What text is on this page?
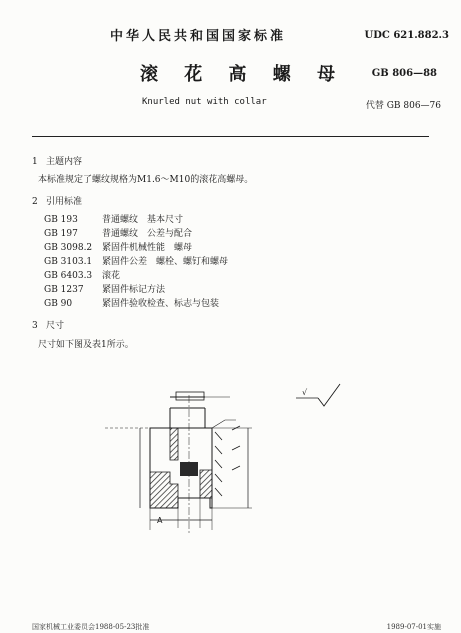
中华人民共和国国家标准	UDC 621.882.3
滚 花 高 螺 母	GB 806—88
Knurled nut with collar	代替 GB 806—76
1 主题内容
本标准规定了螺纹规格为M1.6～M10的滚花高螺母。
2 引用标准
GB 193	普通螺纹　基本尺寸
GB 197	普通螺纹　公差与配合
GB 3098.2 紧固件机械性能　螺母
GB 3103.1 紧固件公差　螺栓、螺钉和螺母
GB 6403.3 滚花
GB 1237 紧固件标记方法
GB 90	紧固件验收检查、标志与包装
3 尺寸
尺寸如下图及表1所示。
A
√
国家机械工业委员会1988-05-23批准	1989-07-01实施
